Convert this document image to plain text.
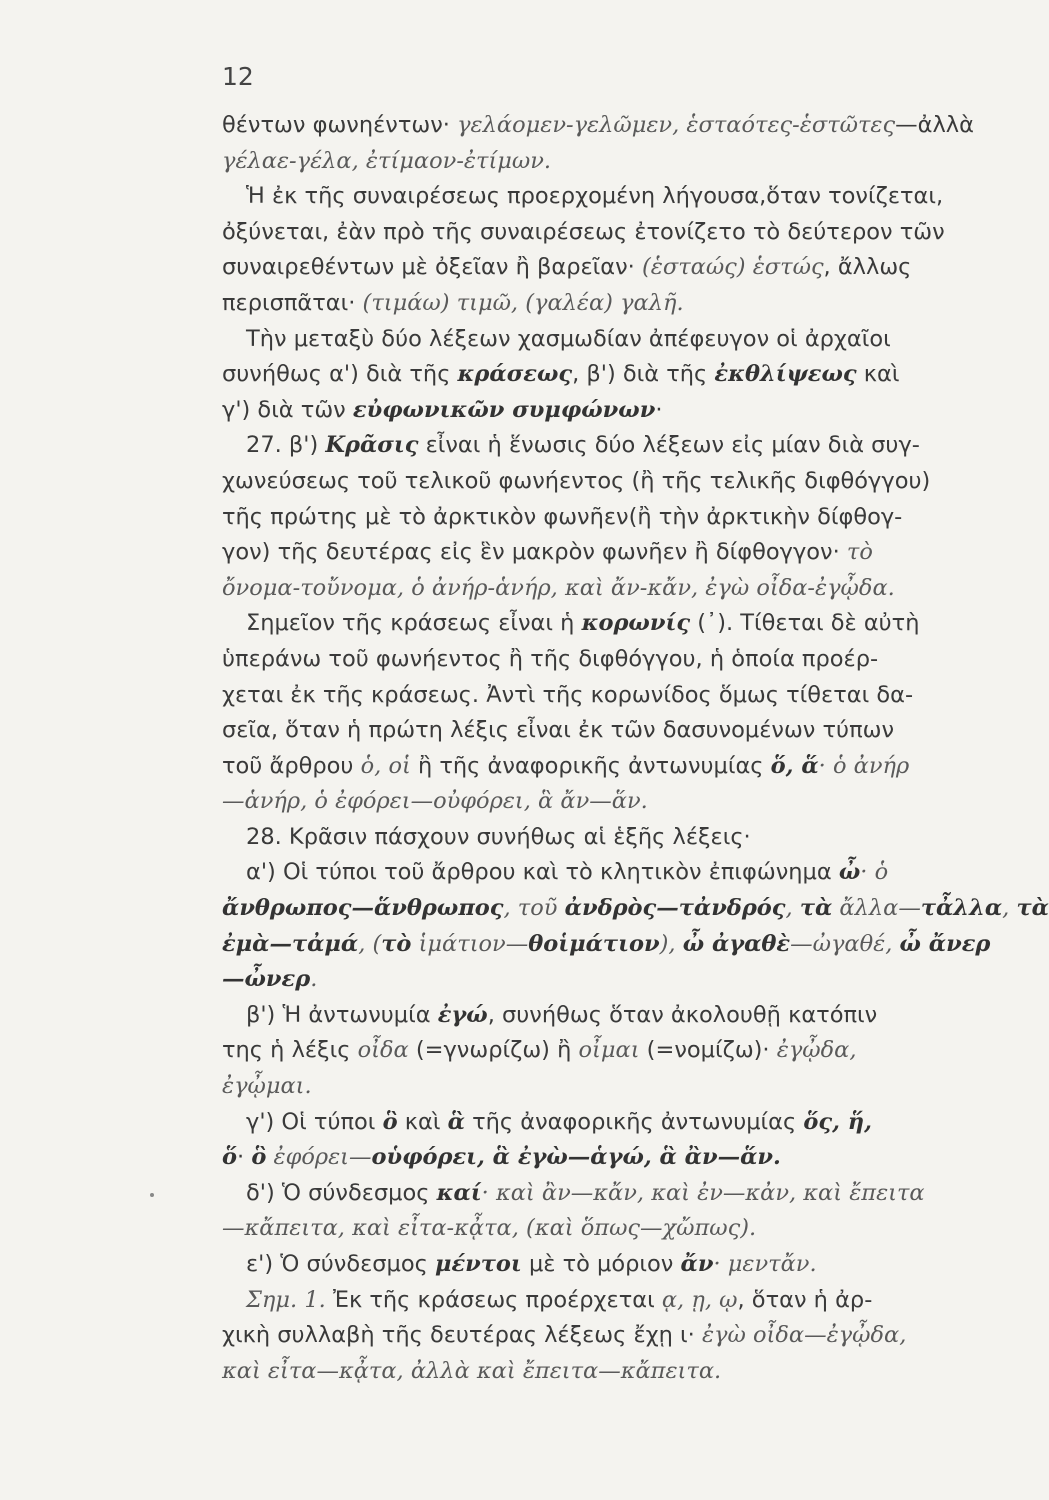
12
θέντων φωνηέντων· γελάομεν-γελῶμεν, ἑσταότες-ἑστῶτες—ἀλλὰ
γέλαε-γέλα, ἐτίμαον-ἐτίμων.
Ἡ ἐκ τῆς συναιρέσεως προερχομένη λήγουσα,ὅταν τονίζεται,
ὀξύνεται, ἐὰν πρὸ τῆς συναιρέσεως ἐτονίζετο τὸ δεύτερον τῶν
συναιρεθέντων μὲ ὀξεῖαν ἢ βαρεῖαν· (ἑσταώς) ἑστώς, ἄλλως
περισπᾶται· (τιμάω) τιμῶ, (γαλέα) γαλῆ.
Τὴν μεταξὺ δύο λέξεων χασμωδίαν ἀπέφευγον οἱ ἀρχαῖοι
συνήθως α') διὰ τῆς κράσεως, β') διὰ τῆς ἐκθλίψεως καὶ
γ') διὰ τῶν εὐφωνικῶν συμφώνων·
27. β') Κρᾶσις εἶναι ἡ ἕνωσις δύο λέξεων εἰς μίαν διὰ συγ-
χωνεύσεως τοῦ τελικοῦ φωνήεντος (ἢ τῆς τελικῆς διφθόγγου)
τῆς πρώτης μὲ τὸ ἀρκτικὸν φωνῆεν(ἢ τὴν ἀρκτικὴν δίφθογ-
γον) τῆς δευτέρας εἰς ἓν μακρὸν φωνῆεν ἢ δίφθογγον· τὸ
ὄνομα-τοὔνομα, ὁ ἀνήρ-ἁνήρ, καὶ ἄν-κἄν, ἐγὼ οἶδα-ἐγᾦδα.
Σημεῖον τῆς κράσεως εἶναι ἡ κορωνίς (᾿). Τίθεται δὲ αὐτὴ
ὑπεράνω τοῦ φωνήεντος ἢ τῆς διφθόγγου, ἡ ὁποία προέρ-
χεται ἐκ τῆς κράσεως. Ἀντὶ τῆς κορωνίδος ὅμως τίθεται δα-
σεῖα, ὅταν ἡ πρώτη λέξις εἶναι ἐκ τῶν δασυνομένων τύπων
τοῦ ἄρθρου ὁ, οἱ ἢ τῆς ἀναφορικῆς ἀντωνυμίας ὅ, ἅ· ὁ ἀνήρ
—ἁνήρ, ὁ ἐφόρει—οὐφόρει, ἃ ἄν—ἅν.
28. Κρᾶσιν πάσχουν συνήθως αἱ ἑξῆς λέξεις·
α') Οἱ τύποι τοῦ ἄρθρου καὶ τὸ κλητικὸν ἐπιφώνημα ὦ· ὁ
ἄνθρωπος—ἅνθρωπος, τοῦ ἀνδρὸς—τἀνδρός, τὰ ἄλλα—τἆλλα, τὰ
ἐμὰ—τἀμά, (τὸ ἱμάτιον—θοἱμάτιον), ὦ ἀγαθὲ—ὠγαθέ, ὦ ἄνερ
—ὦνερ.
β') Ἡ ἀντωνυμία ἐγώ, συνήθως ὅταν ἀκολουθῇ κατόπιν
της ἡ λέξις οἶδα (=γνωρίζω) ἢ οἶμαι (=νομίζω)· ἐγᾦδα,
ἐγᾦμαι.
γ') Οἱ τύποι ὃ καὶ ἃ τῆς ἀναφορικῆς ἀντωνυμίας ὅς, ἥ,
ὅ· ὃ ἐφόρει—οὑφόρει, ἃ ἐγὼ—ἁγώ, ἃ ἂν—ἅν.
δ') Ὁ σύνδεσμος καί· καὶ ἂν—κἄν, καὶ ἐν—κἀν, καὶ ἔπειτα
—κἄπειτα, καὶ εἶτα-κᾆτα, (καὶ ὅπως—χὤπως).
ε') Ὁ σύνδεσμος μέντοι μὲ τὸ μόριον ἄν· μεντἄν.
Σημ. 1. Ἐκ τῆς κράσεως προέρχεται ᾳ, ῃ, ῳ, ὅταν ἡ ἀρ-
χικὴ συλλαβὴ τῆς δευτέρας λέξεως ἔχῃ ι· ἐγὼ οἶδα—ἐγᾦδα,
καὶ εἶτα—κᾆτα, ἀλλὰ καὶ ἔπειτα—κἄπειτα.
